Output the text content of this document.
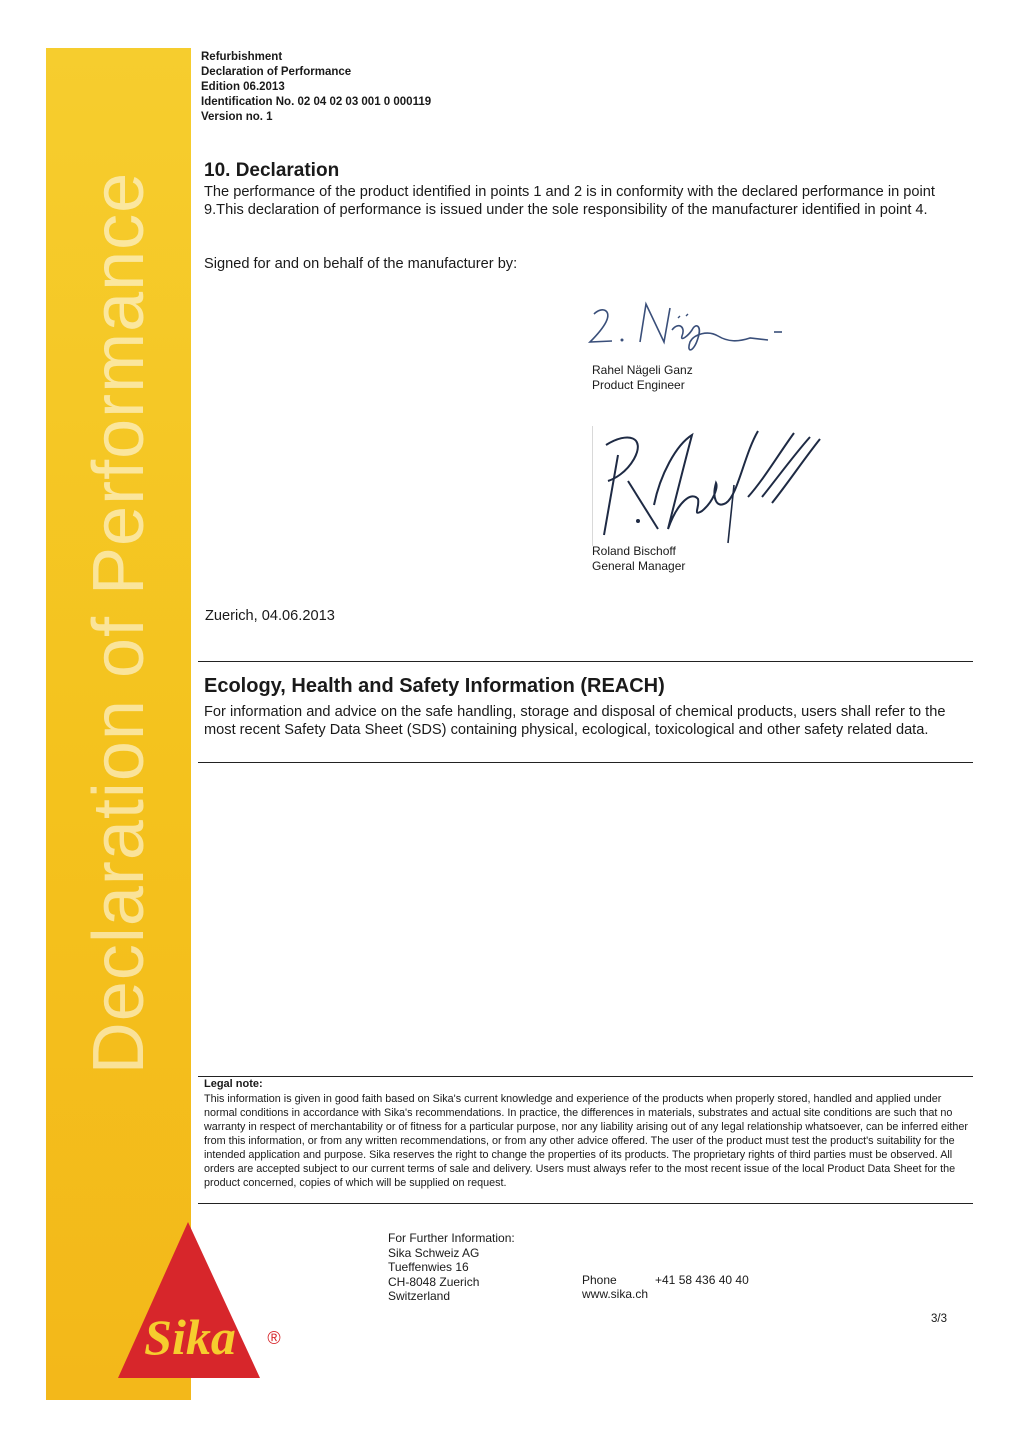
Declaration of Performance
Refurbishment
Declaration of Performance
Edition 06.2013
Identification No. 02 04 02 03 001 0 000119
Version no. 1
10. Declaration
The performance of the product identified in points 1 and 2 is in conformity with the declared performance in point 9.This declaration of performance is issued under the sole responsibility of the manufacturer identified in point 4.
Signed for and on behalf of the manufacturer by:
Rahel Nägeli Ganz
Product Engineer
Roland Bischoff
General Manager
Zuerich, 04.06.2013
Ecology, Health and Safety Information (REACH)
For information and advice on the safe handling, storage and disposal of chemical products, users shall refer to the most recent Safety Data Sheet (SDS) containing physical, ecological, toxicological and other safety related data.
Legal note:
This information is given in good faith based on Sika's current knowledge and experience of the products when properly stored, handled and applied under normal conditions in accordance with Sika's recommendations. In practice, the differences in materials, substrates and actual site conditions are such that no warranty in respect of merchantability or of fitness for a particular purpose, nor any liability arising out of any legal relationship whatsoever, can be inferred either from this information, or from any written recommendations, or from any other advice offered. The user of the product must test the product's suitability for the intended application and purpose. Sika reserves the right to change the properties of its products. The proprietary rights of third parties must be observed. All orders are accepted subject to our current terms of sale and delivery. Users must always refer to the most recent issue of the local Product Data Sheet for the product concerned, copies of which will be supplied on request.
Sika ®
For Further Information:
Sika Schweiz AG
Tueffenwies 16
CH-8048 Zuerich
Switzerland
Phone	+41 58 436 40 40
www.sika.ch
3/3
